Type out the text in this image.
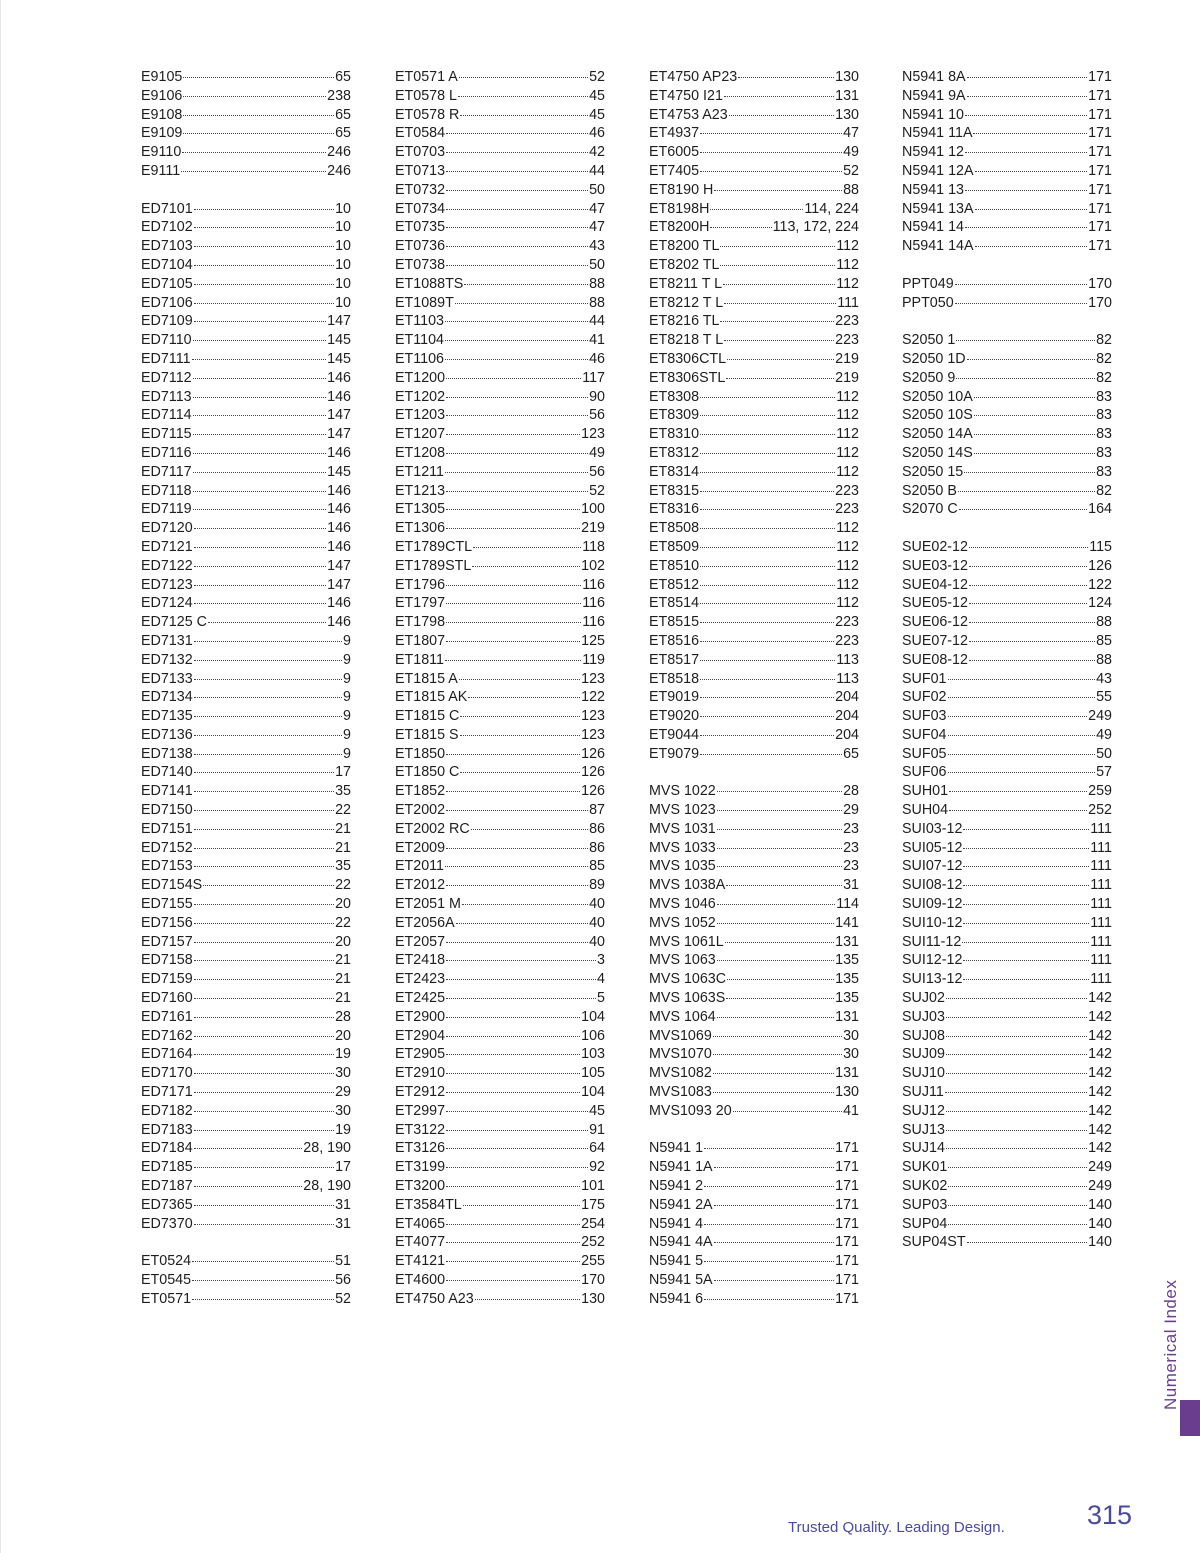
E9105	65
E9106	238
E9108	65
E9109	65
E9110	246
E9111	246
ED7101	10
ED7102	10
ED7103	10
ED7104	10
ED7105	10
ED7106	10
ED7109	147
ED7110	145
ED7111	145
ED7112	146
ED7113	146
ED7114	147
ED7115	147
ED7116	146
ED7117	145
ED7118	146
ED7119	146
ED7120	146
ED7121	146
ED7122	147
ED7123	147
ED7124	146
ED7125 C	146
ED7131	9
ED7132	9
ED7133	9
ED7134	9
ED7135	9
ED7136	9
ED7138	9
ED7140	17
ED7141	35
ED7150	22
ED7151	21
ED7152	21
ED7153	35
ED7154S	22
ED7155	20
ED7156	22
ED7157	20
ED7158	21
ED7159	21
ED7160	21
ED7161	28
ED7162	20
ED7164	19
ED7170	30
ED7171	29
ED7182	30
ED7183	19
ED7184	28, 190
ED7185	17
ED7187	28, 190
ED7365	31
ED7370	31
ET0524	51
ET0545	56
ET0571	52
ET0571 A	52
ET0578 L	45
ET0578 R	45
ET0584	46
ET0703	42
ET0713	44
ET0732	50
ET0734	47
ET0735	47
ET0736	43
ET0738	50
ET1088TS	88
ET1089T	88
ET1103	44
ET1104	41
ET1106	46
ET1200	117
ET1202	90
ET1203	56
ET1207	123
ET1208	49
ET1211	56
ET1213	52
ET1305	100
ET1306	219
ET1789CTL	118
ET1789STL	102
ET1796	116
ET1797	116
ET1798	116
ET1807	125
ET1811	119
ET1815 A	123
ET1815 AK	122
ET1815 C	123
ET1815 S	123
ET1850	126
ET1850 C	126
ET1852	126
ET2002	87
ET2002 RC	86
ET2009	86
ET2011	85
ET2012	89
ET2051 M	40
ET2056A	40
ET2057	40
ET2418	3
ET2423	4
ET2425	5
ET2900	104
ET2904	106
ET2905	103
ET2910	105
ET2912	104
ET2997	45
ET3122	91
ET3126	64
ET3199	92
ET3200	101
ET3584TL	175
ET4065	254
ET4077	252
ET4121	255
ET4600	170
ET4750 A23	130
ET4750 AP23	130
ET4750 I21	131
ET4753 A23	130
ET4937	47
ET6005	49
ET7405	52
ET8190 H	88
ET8198H	114, 224
ET8200H	113, 172, 224
ET8200 TL	112
ET8202 TL	112
ET8211 T L	112
ET8212 T L	111
ET8216 TL	223
ET8218 T L	223
ET8306CTL	219
ET8306STL	219
ET8308	112
ET8309	112
ET8310	112
ET8312	112
ET8314	112
ET8315	223
ET8316	223
ET8508	112
ET8509	112
ET8510	112
ET8512	112
ET8514	112
ET8515	223
ET8516	223
ET8517	113
ET8518	113
ET9019	204
ET9020	204
ET9044	204
ET9079	65
MVS 1022	28
MVS 1023	29
MVS 1031	23
MVS 1033	23
MVS 1035	23
MVS 1038A	31
MVS 1046	114
MVS 1052	141
MVS 1061L	131
MVS 1063	135
MVS 1063C	135
MVS 1063S	135
MVS 1064	131
MVS1069	30
MVS1070	30
MVS1082	131
MVS1083	130
MVS1093 20	41
N5941 1	171
N5941 1A	171
N5941 2	171
N5941 2A	171
N5941 4	171
N5941 4A	171
N5941 5	171
N5941 5A	171
N5941 6	171
N5941 8A	171
N5941 9A	171
N5941 10	171
N5941 11A	171
N5941 12	171
N5941 12A	171
N5941 13	171
N5941 13A	171
N5941 14	171
N5941 14A	171
PPT049	170
PPT050	170
S2050 1	82
S2050 1D	82
S2050 9	82
S2050 10A	83
S2050 10S	83
S2050 14A	83
S2050 14S	83
S2050 15	83
S2050 B	82
S2070 C	164
SUE02-12	115
SUE03-12	126
SUE04-12	122
SUE05-12	124
SUE06-12	88
SUE07-12	85
SUE08-12	88
SUF01	43
SUF02	55
SUF03	249
SUF04	49
SUF05	50
SUF06	57
SUH01	259
SUH04	252
SUI03-12	111
SUI05-12	111
SUI07-12	111
SUI08-12	111
SUI09-12	111
SUI10-12	111
SUI11-12	111
SUI12-12	111
SUI13-12	111
SUJ02	142
SUJ03	142
SUJ08	142
SUJ09	142
SUJ10	142
SUJ11	142
SUJ12	142
SUJ13	142
SUJ14	142
SUK01	249
SUK02	249
SUP03	140
SUP04	140
SUP04ST	140
Numerical Index
Trusted Quality. Leading Design.	315
